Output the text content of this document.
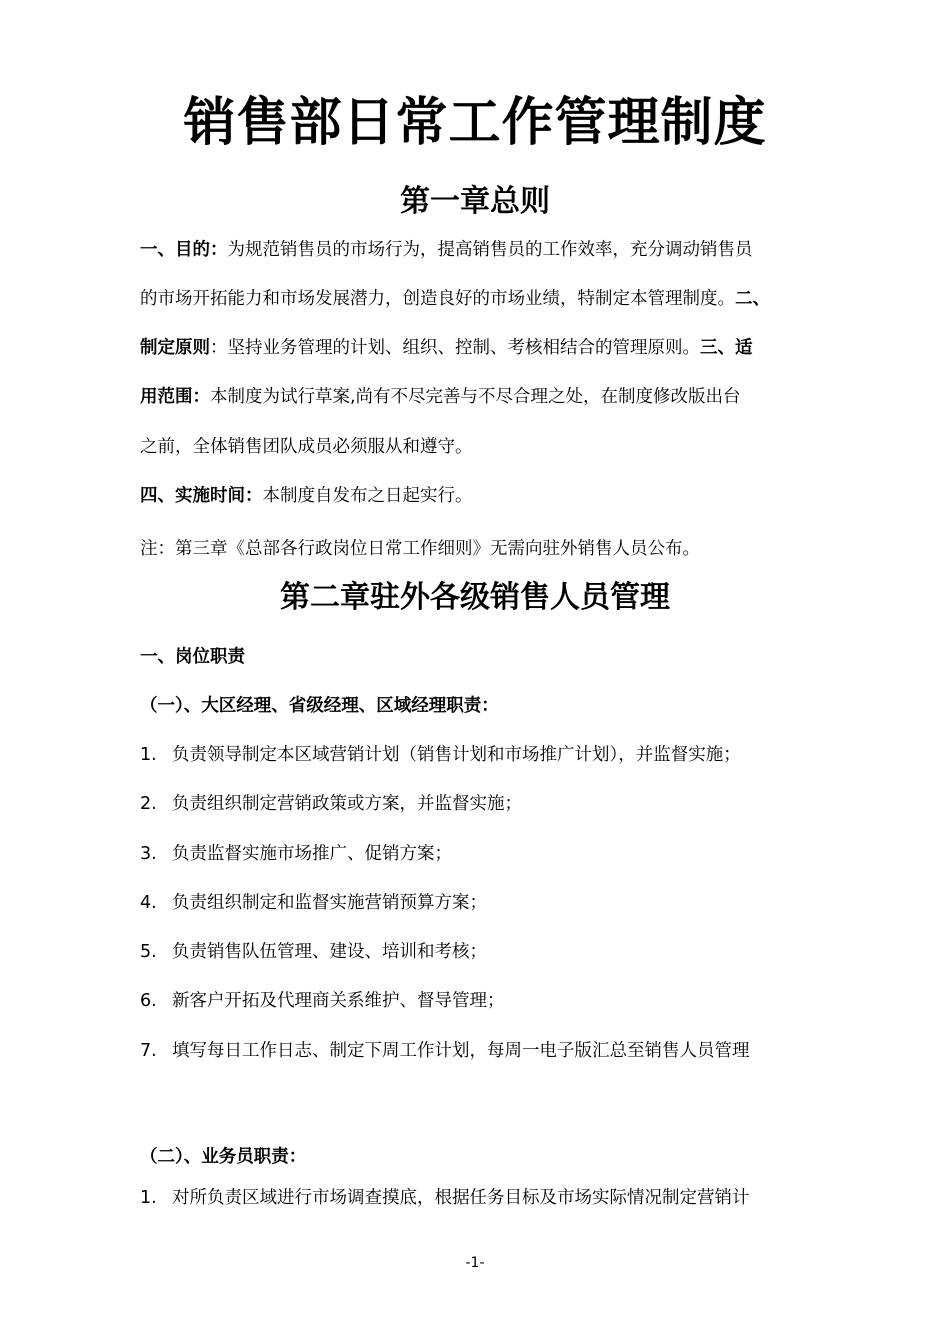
销售部日常工作管理制度
第一章总则
一、目的：为规范销售员的市场行为，提高销售员的工作效率，充分调动销售员
的市场开拓能力和市场发展潜力，创造良好的市场业绩，特制定本管理制度。二、
制定原则：坚持业务管理的计划、组织、控制、考核相结合的管理原则。三、适
用范围：本制度为试行草案,尚有不尽完善与不尽合理之处，在制度修改版出台
之前，全体销售团队成员必须服从和遵守。
四、实施时间：本制度自发布之日起实行。
注：第三章《总部各行政岗位日常工作细则》无需向驻外销售人员公布。
第二章驻外各级销售人员管理
一、岗位职责
（一）、大区经理、省级经理、区域经理职责：
1. 负责领导制定本区域营销计划（销售计划和市场推广计划），并监督实施；
2. 负责组织制定营销政策或方案，并监督实施；
3. 负责监督实施市场推广、促销方案；
4. 负责组织制定和监督实施营销预算方案；
5. 负责销售队伍管理、建设、培训和考核；
6. 新客户开拓及代理商关系维护、督导管理；
7. 填写每日工作日志、制定下周工作计划，每周一电子版汇总至销售人员管理
（二）、业务员职责：
1. 对所负责区域进行市场调查摸底，根据任务目标及市场实际情况制定营销计
-1-
